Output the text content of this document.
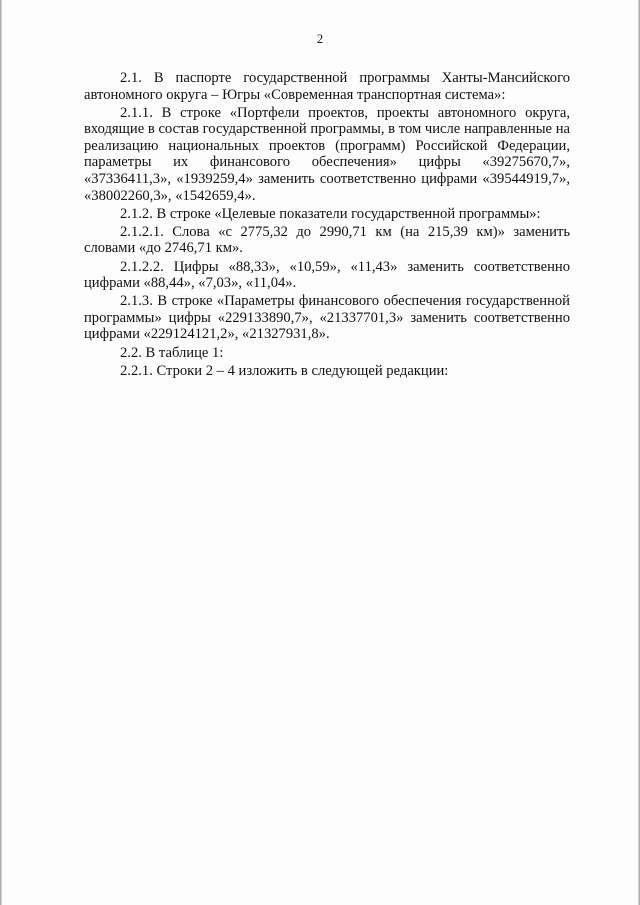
2

2.1. В паспорте государственной программы Ханты-Мансийского автономного округа – Югры «Современная транспортная система»:

2.1.1. В строке «Портфели проектов, проекты автономного округа, входящие в состав государственной программы, в том числе направленные на реализацию национальных проектов (программ) Российской Федерации, параметры их финансового обеспечения» цифры «39275670,7», «37336411,3», «1939259,4» заменить соответственно цифрами «39544919,7», «38002260,3», «1542659,4».

2.1.2. В строке «Целевые показатели государственной программы»:

2.1.2.1. Слова «с 2775,32 до 2990,71 км (на 215,39 км)» заменить словами «до 2746,71 км».

2.1.2.2. Цифры «88,33», «10,59», «11,43» заменить соответственно цифрами «88,44», «7,03», «11,04».

2.1.3. В строке «Параметры финансового обеспечения государственной программы» цифры «229133890,7», «21337701,3» заменить соответственно цифрами «229124121,2», «21327931,8».

2.2. В таблице 1:

2.2.1. Строки 2 – 4 изложить в следующей редакции:
